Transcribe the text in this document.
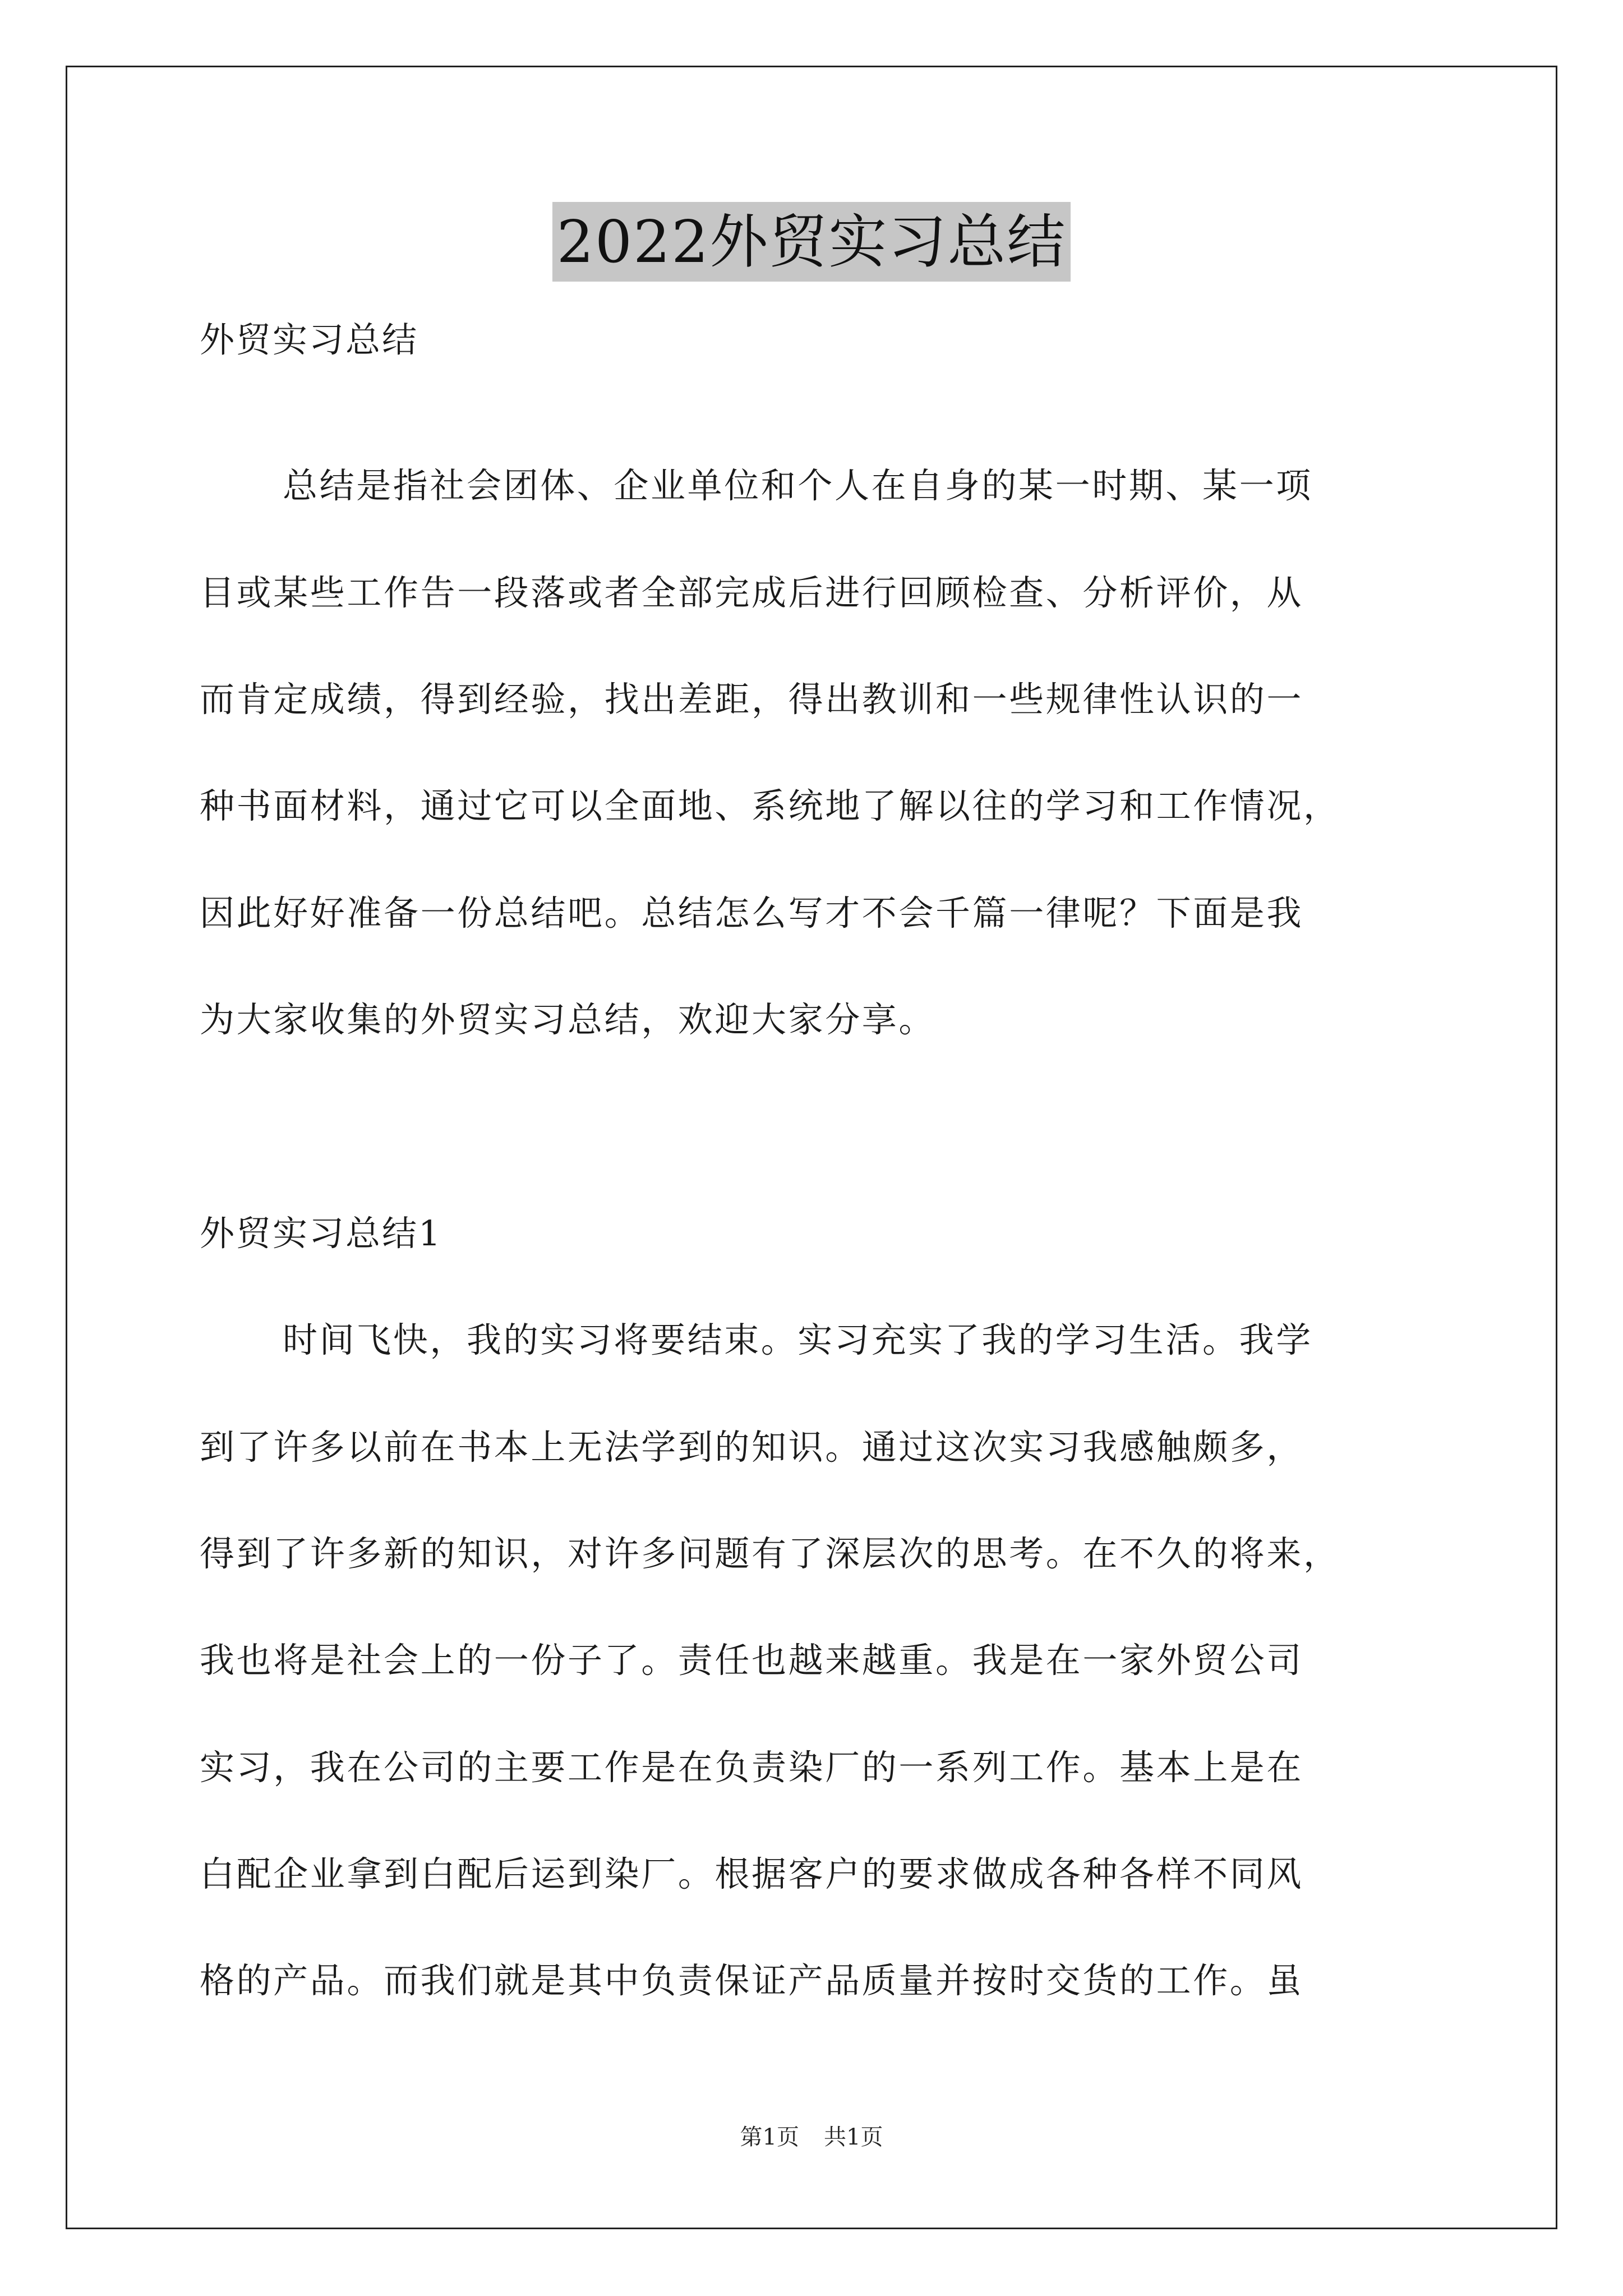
2022外贸实习总结
外贸实习总结
总结是指社会团体、企业单位和个人在自身的某一时期、某一项
目或某些工作告一段落或者全部完成后进行回顾检查、分析评价，从
而肯定成绩，得到经验，找出差距，得出教训和一些规律性认识的一
种书面材料，通过它可以全面地、系统地了解以往的学习和工作情况，
因此好好准备一份总结吧。总结怎么写才不会千篇一律呢？下面是我
为大家收集的外贸实习总结，欢迎大家分享。
外贸实习总结1
时间飞快，我的实习将要结束。实习充实了我的学习生活。我学
到了许多以前在书本上无法学到的知识。通过这次实习我感触颇多，
得到了许多新的知识，对许多问题有了深层次的思考。在不久的将来，
我也将是社会上的一份子了。责任也越来越重。我是在一家外贸公司
实习，我在公司的主要工作是在负责染厂的一系列工作。基本上是在
白配企业拿到白配后运到染厂。根据客户的要求做成各种各样不同风
格的产品。而我们就是其中负责保证产品质量并按时交货的工作。虽
第1页 共1页
